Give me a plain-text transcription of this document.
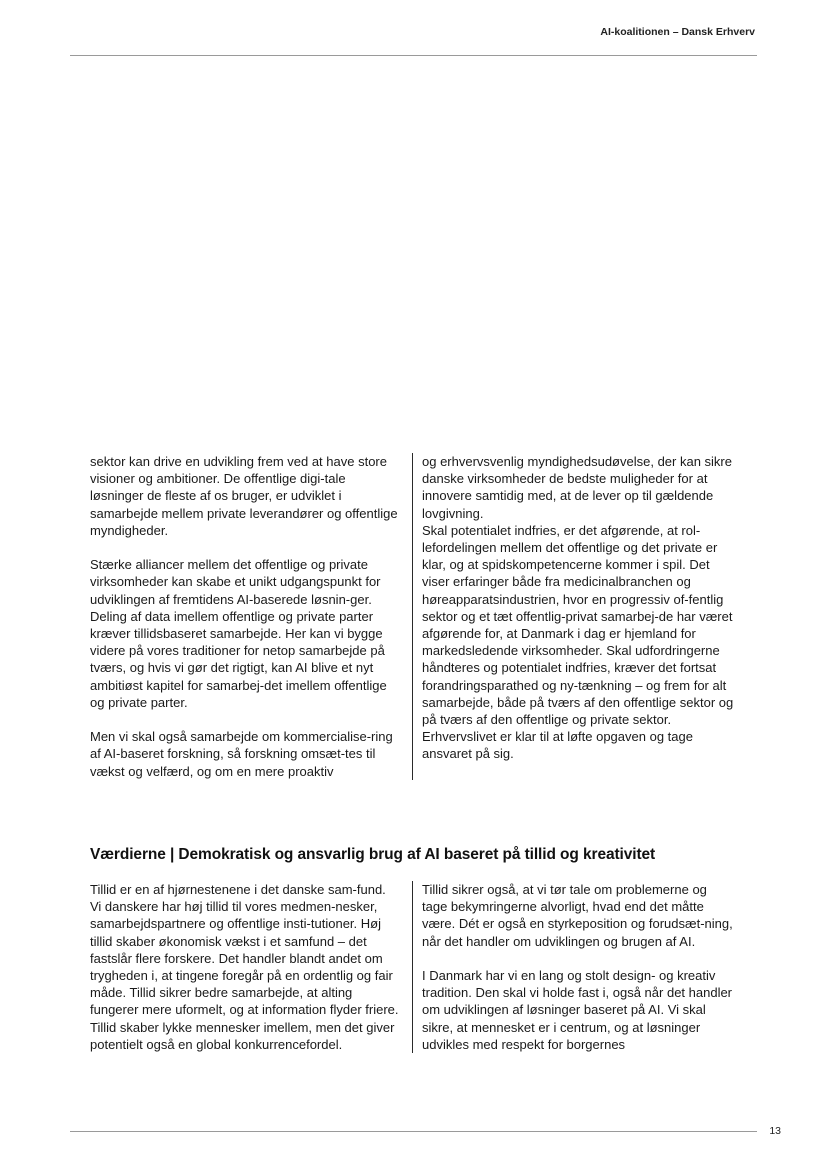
AI-koalitionen – Dansk Erhverv

sektor kan drive en udvikling frem ved at have store visioner og ambitioner. De offentlige digi-tale løsninger de fleste af os bruger, er udviklet i samarbejde mellem private leverandører og offentlige myndigheder.

Stærke alliancer mellem det offentlige og private virksomheder kan skabe et unikt udgangspunkt for udviklingen af fremtidens AI-baserede løsnin-ger. Deling af data imellem offentlige og private parter kræver tillidsbaseret samarbejde. Her kan vi bygge videre på vores traditioner for netop samarbejde på tværs, og hvis vi gør det rigtigt, kan AI blive et nyt ambitiøst kapitel for samarbej-det imellem offentlige og private parter.

Men vi skal også samarbejde om kommercialise-ring af AI-baseret forskning, så forskning omsæt-tes til vækst og velfærd, og om en mere proaktiv

og erhvervsvenlig myndighedsudøvelse, der kan sikre danske virksomheder de bedste muligheder for at innovere samtidig med, at de lever op til gældende lovgivning.

Skal potentialet indfries, er det afgørende, at rol-lefordelingen mellem det offentlige og det private er klar, og at spidskompetencerne kommer i spil. Det viser erfaringer både fra medicinalbranchen og høreapparatsindustrien, hvor en progressiv of-fentlig sektor og et tæt offentlig-privat samarbej-de har været afgørende for, at Danmark i dag er hjemland for markedsledende virksomheder. Skal udfordringerne håndteres og potentialet indfries, kræver det fortsat forandringsparathed og ny-tænkning – og frem for alt samarbejde, både på tværs af den offentlige sektor og på tværs af den offentlige og private sektor. Erhvervslivet er klar til at løfte opgaven og tage ansvaret på sig.

Værdierne | Demokratisk og ansvarlig brug af AI baseret på tillid og kreativitet

Tillid er en af hjørnestenene i det danske sam-fund. Vi danskere har høj tillid til vores medmen-nesker, samarbejdspartnere og offentlige insti-tutioner. Høj tillid skaber økonomisk vækst i et samfund – det fastslår flere forskere. Det handler blandt andet om trygheden i, at tingene foregår på en ordentlig og fair måde. Tillid sikrer bedre samarbejde, at alting fungerer mere uformelt, og at information flyder friere. Tillid skaber lykke mennesker imellem, men det giver potentielt også en global konkurrencefordel.

Tillid sikrer også, at vi tør tale om problemerne og tage bekymringerne alvorligt, hvad end det måtte være. Dét er også en styrkeposition og forudsæt-ning, når det handler om udviklingen og brugen af AI.

I Danmark har vi en lang og stolt design- og kreativ tradition. Den skal vi holde fast i, også når det handler om udviklingen af løsninger baseret på AI. Vi skal sikre, at mennesket er i centrum, og at løsninger udvikles med respekt for borgernes

13
